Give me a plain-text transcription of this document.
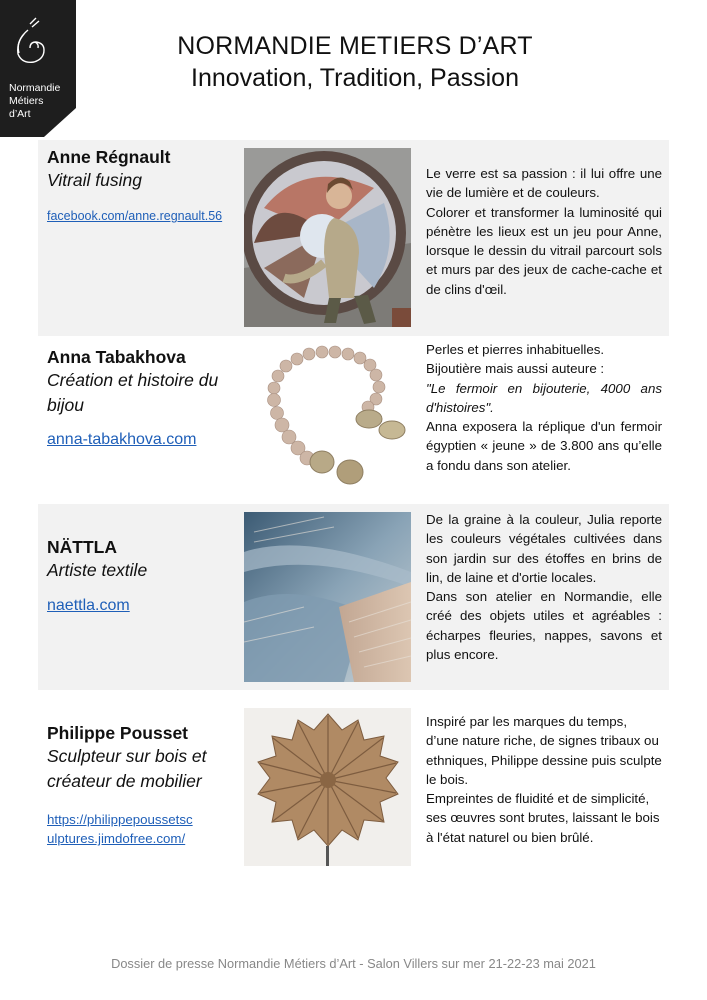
Normandie
Métiers
d’Art
NORMANDIE METIERS D’ART
Innovation, Tradition, Passion
Anne Régnault
Vitrail fusing
facebook.com/anne.regnault.56

Le verre est sa passion : il lui offre une vie de lumière et de couleurs.

Colorer et transformer la luminosité qui pénètre les lieux est un jeu pour Anne, lorsque le dessin du vitrail parcourt sols et murs par des jeux de cache-cache et de clins d'œil.

Anna Tabakhova
Création et histoire du bijou
anna-tabakhova.com

Perles et pierres inhabituelles.

Bijoutière mais aussi auteure :

"Le fermoir en bijouterie, 4000 ans d'histoires".

Anna exposera la réplique d'un fermoir égyptien « jeune » de 3.800 ans qu’elle a fondu dans son atelier.

NÄTTLA
Artiste textile
naettla.com

De la graine à la couleur, Julia reporte les couleurs végétales cultivées dans son jardin sur des étoffes en brins de lin, de laine et d'ortie locales.

Dans son atelier en Normandie, elle créé des objets utiles et agréables : écharpes fleuries, nappes, savons et plus encore.

Philippe Pousset
Sculpteur sur bois et créateur de mobilier
https://philippepoussetsc
ulptures.jimdofree.com/

Inspiré par les marques du temps, d’une nature riche, de signes tribaux ou ethniques, Philippe dessine puis sculpte le bois.

Empreintes de fluidité et de simplicité, ses œuvres sont brutes, laissant le bois à l'état naturel ou bien brûlé.

Dossier de presse Normandie Métiers d’Art - Salon Villers sur mer 21-22-23 mai 2021
